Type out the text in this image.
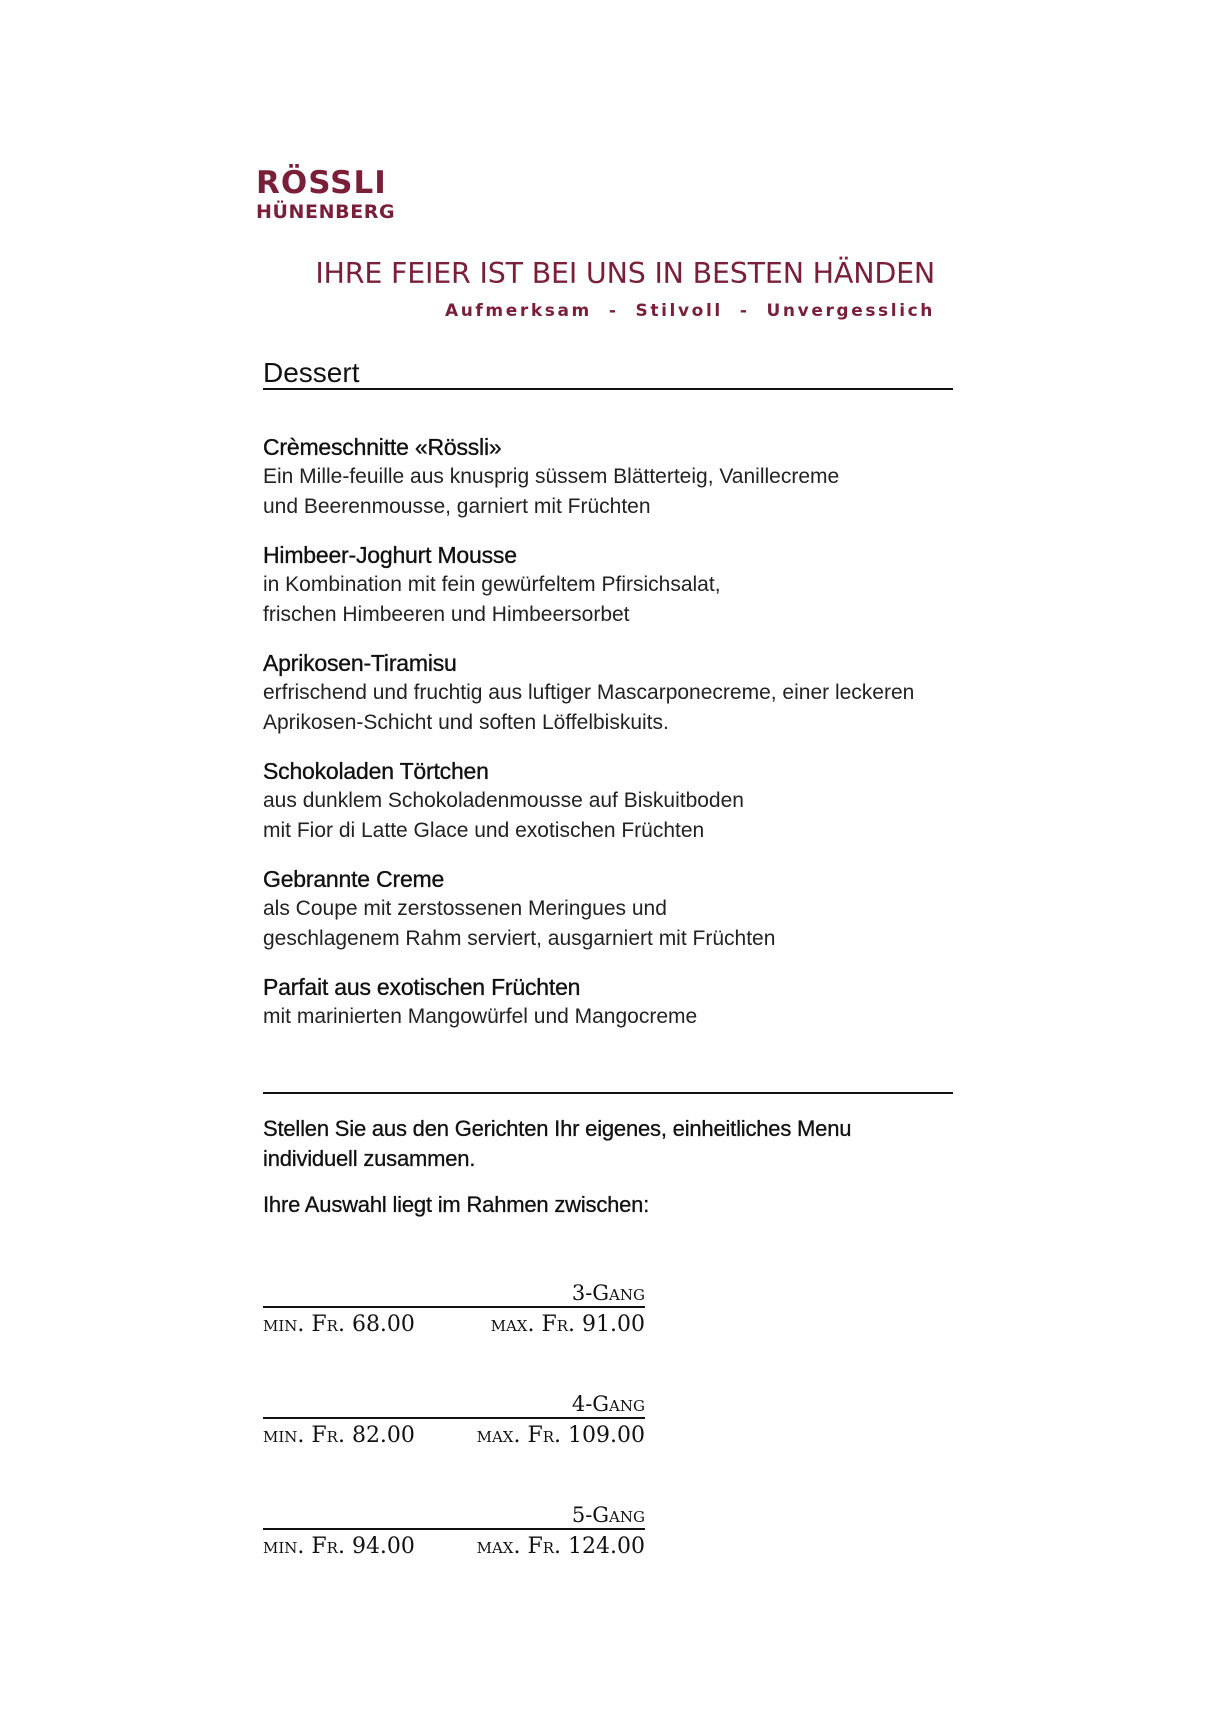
RÖSSLI
HÜNENBERG
IHRE FEIER IST BEI UNS IN BESTEN HÄNDEN
Aufmerksam  -  Stilvoll  -  Unvergesslich
Dessert
Crèmeschnitte «Rössli»
Ein Mille-feuille aus knusprig süssem Blätterteig, Vanillecreme
und Beerenmousse, garniert mit Früchten
Himbeer-Joghurt Mousse
in Kombination mit fein gewürfeltem Pfirsichsalat,
frischen Himbeeren und Himbeersorbet
Aprikosen-Tiramisu
erfrischend und fruchtig aus luftiger Mascarponecreme, einer leckeren
Aprikosen-Schicht und soften Löffelbiskuits.
Schokoladen Törtchen
aus dunklem Schokoladenmousse auf Biskuitboden
mit Fior di Latte Glace und exotischen Früchten
Gebrannte Creme
als Coupe mit zerstossenen Meringues und
geschlagenem Rahm serviert, ausgarniert mit Früchten
Parfait aus exotischen Früchten
mit marinierten Mangowürfel und Mangocreme

Stellen Sie aus den Gerichten Ihr eigenes, einheitliches Menu

individuell zusammen.

Ihre Auswahl liegt im Rahmen zwischen:

3-Gang
min. Fr. 68.00	max. Fr. 91.00
4-Gang
min. Fr. 82.00	max. Fr. 109.00
5-Gang
min. Fr. 94.00	max. Fr. 124.00
